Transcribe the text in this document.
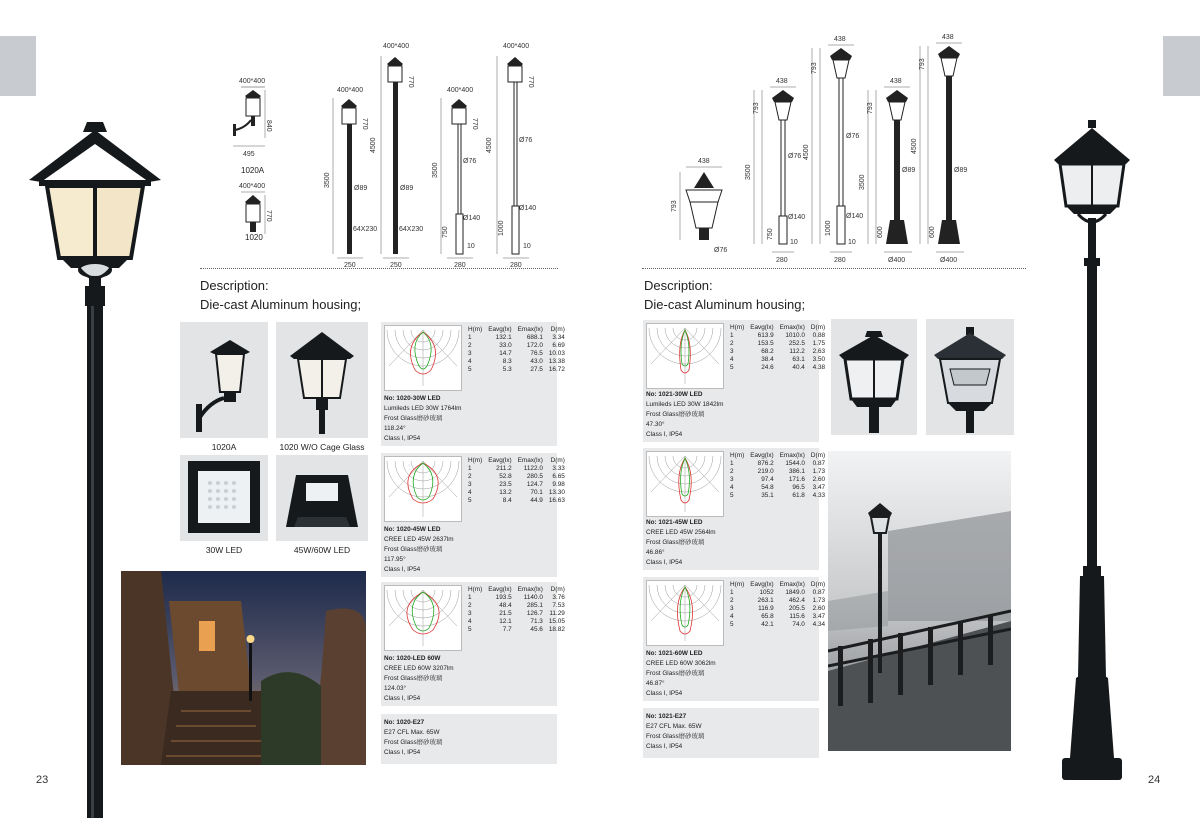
23	24
400*400
840
495
1020A
400*400
770
1020
400*400
3500
770
Ø89
64X230
250
400*400
4500
770
Ø89
64X230
250
400*400
3500
770
Ø76
Ø140
750
10
280
400*400
4500
770
Ø76
Ø140
1000
10
280
Description:
Die-cast Aluminum housing;
1020A	1020 W/O Cage Glass
30W LED	45W/60W LED
H(m)	Eavg(lx)	Emax(lx)	D(m)
1	132.1	688.1	3.34
2	33.0	172.0	6.69
3	14.7	76.5	10.03
4	8.3	43.0	13.38
5	5.3	27.5	16.72
No: 1020-30W LED
Lumileds LED 30W 1764lm
Frost Glass磨砂玻璃
118.24°
Class I, IP54
H(m)	Eavg(lx)	Emax(lx)	D(m)
1	211.2	1122.0	3.33
2	52.8	280.5	6.65
3	23.5	124.7	9.98
4	13.2	70.1	13.30
5	8.4	44.9	16.63
No: 1020-45W LED
CREE LED 45W 2637lm
Frost Glass磨砂玻璃
117.95°
Class I, IP54
H(m)	Eavg(lx)	Emax(lx)	D(m)
1	193.5	1140.0	3.76
2	48.4	285.1	7.53
3	21.5	126.7	11.29
4	12.1	71.3	15.05
5	7.7	45.6	18.82
No: 1020-LED 60W
CREE LED 60W 3207lm
Frost Glass磨砂玻璃
124.03°
Class I, IP54
No: 1020-E27
E27 CFL Max. 65W
Frost Glass磨砂玻璃
Class I, IP54
438
793
Ø76
438
793
3500
Ø76
Ø140
750
10
280
438
793
4500
Ø76
Ø140
1000
10
280
438
793
3500
Ø89
600
Ø400
438
793
4500
Ø89
600
Ø400
Description:
Die-cast Aluminum housing;
H(m)	Eavg(lx)	Emax(lx)	D(m)
1	613.9	1010.0	0.88
2	153.5	252.5	1.75
3	68.2	112.2	2.63
4	38.4	63.1	3.50
5	24.6	40.4	4.38
No: 1021-30W LED
Lumileds LED 30W 1842lm
Frost Glass磨砂玻璃
47.30°
Class I, IP54
H(m)	Eavg(lx)	Emax(lx)	D(m)
1	876.2	1544.0	0.87
2	219.0	386.1	1.73
3	97.4	171.6	2.60
4	54.8	96.5	3.47
5	35.1	61.8	4.33
No: 1021-45W LED
CREE LED 45W 2564lm
Frost Glass磨砂玻璃
46.86°
Class I, IP54
H(m)	Eavg(lx)	Emax(lx)	D(m)
1	1052	1849.0	0.87
2	263.1	462.4	1.73
3	116.9	205.5	2.60
4	65.8	115.6	3.47
5	42.1	74.0	4.34
No: 1021-60W LED
CREE LED 60W 3062lm
Frost Glass磨砂玻璃
46.87°
Class I, IP54
No: 1021-E27
E27 CFL Max. 65W
Frost Glass磨砂玻璃
Class I, IP54
